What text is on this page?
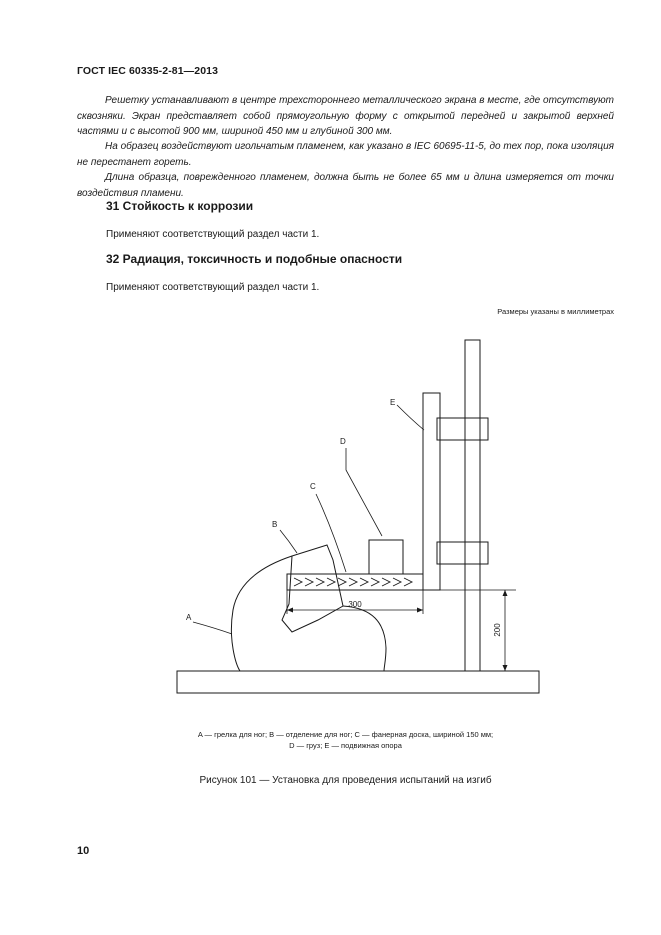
ГОСТ IEC 60335-2-81—2013
Решетку устанавливают в центре трехстороннего металлического экрана в месте, где отсутствуют сквозняки. Экран представляет собой прямоугольную форму с открытой передней и закрытой верхней частями и с высотой 900 мм, шириной 450 мм и глубиной 300 мм.
На образец воздействуют игольчатым пламенем, как указано в IEC 60695-11-5, до тех пор, пока изоляция не перестанет гореть.
Длина образца, поврежденного пламенем, должна быть не более 65 мм и длина измеряется от точки воздействия пламени.
31 Стойкость к коррозии
Применяют соответствующий раздел части 1.
32 Радиация, токсичность и подобные опасности
Применяют соответствующий раздел части 1.
Размеры указаны в миллиметрах
A
B
C
D
E
300
200
A — грелка для ног; B — отделение для ног; C — фанерная доска, шириной 150 мм;
D — груз; E — подвижная опора
Рисунок 101 — Установка для проведения испытаний на изгиб
10
